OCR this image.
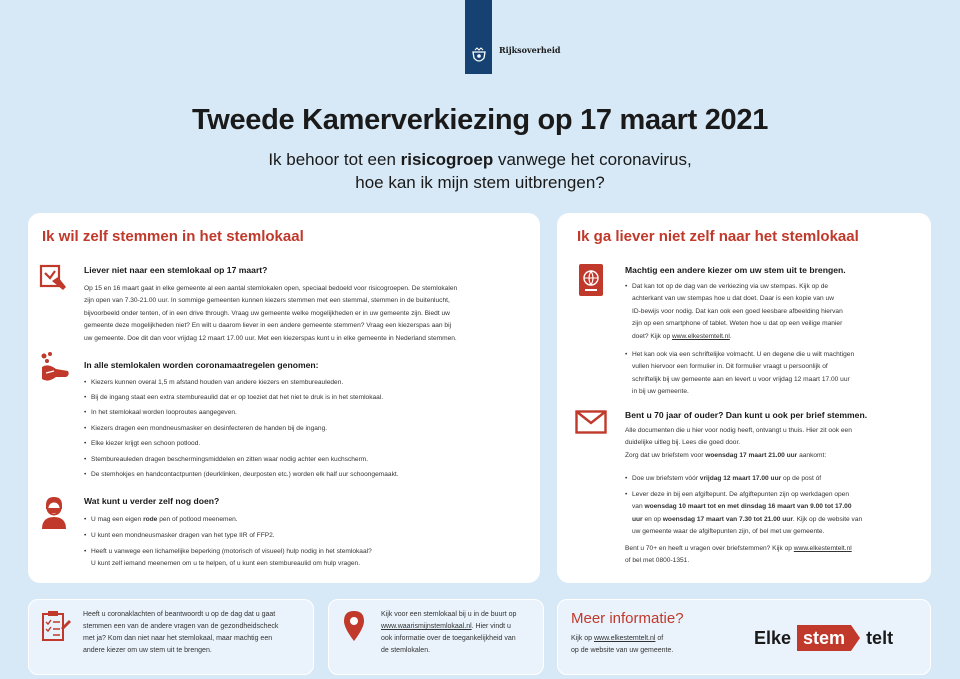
Rijksoverheid
Tweede Kamerverkiezing op 17 maart 2021
Ik behoor tot een risicogroep vanwege het coronavirus,
hoe kan ik mijn stem uitbrengen?
Ik wil zelf stemmen in het stemlokaal
Liever niet naar een stemlokaal op 17 maart?
Op 15 en 16 maart gaat in elke gemeente al een aantal stemlokalen open, speciaal bedoeld voor risicogroepen. De stemlokalen
zijn open van 7.30-21.00 uur. In sommige gemeenten kunnen kiezers stemmen met een stemmal, stemmen in de buitenlucht,
bijvoorbeeld onder tenten, of in een drive through. Vraag uw gemeente welke mogelijkheden er in uw gemeente zijn. Biedt uw
gemeente deze mogelijkheden niet? En wilt u daarom liever in een andere gemeente stemmen? Vraag een kiezerspas aan bij
uw gemeente. Doe dit dan voor vrijdag 12 maart 17.00 uur. Met een kiezerspas kunt u in elke gemeente in Nederland stemmen.
In alle stemlokalen worden coronamaatregelen genomen:
• Kiezers kunnen overal 1,5 m afstand houden van andere kiezers en stembureauleden.
• Bij de ingang staat een extra stembureaulid dat er op toeziet dat het niet te druk is in het stemlokaal.
• In het stemlokaal worden looproutes aangegeven.
• Kiezers dragen een mondneusmasker en desinfecteren de handen bij de ingang.
• Elke kiezer krijgt een schoon potlood.
• Stembureauleden dragen beschermingsmiddelen en zitten waar nodig achter een kuchscherm.
• De stemhokjes en handcontactpunten (deurklinken, deurposten etc.) worden elk half uur schoongemaakt.
Wat kunt u verder zelf nog doen?
• U mag een eigen rode pen of potlood meenemen.
• U kunt een mondneusmasker dragen van het type IIR of FFP2.
• Heeft u vanwege een lichamelijke beperking (motorisch of visueel) hulp nodig in het stemlokaal?
U kunt zelf iemand meenemen om u te helpen, of u kunt een stembureaulid om hulp vragen.
Ik ga liever niet zelf naar het stemlokaal
Machtig een andere kiezer om uw stem uit te brengen.
• Dat kan tot op de dag van de verkiezing via uw stempas. Kijk op de
achterkant van uw stempas hoe u dat doet. Daar is een kopie van uw
ID-bewijs voor nodig. Dat kan ook een goed leesbare afbeelding hiervan
zijn op een smartphone of tablet. Weten hoe u dat op een veilige manier
doet? Kijk op www.elkestemtelt.nl.
• Het kan ook via een schriftelijke volmacht. U en degene die u wilt machtigen
vullen hiervoor een formulier in. Dit formulier vraagt u persoonlijk of
schriftelijk bij uw gemeente aan en levert u voor vrijdag 12 maart 17.00 uur
in bij uw gemeente.
Bent u 70 jaar of ouder? Dan kunt u ook per brief stemmen.
Alle documenten die u hier voor nodig heeft, ontvangt u thuis. Hier zit ook een
duidelijke uitleg bij. Lees die goed door.
Zorg dat uw briefstem voor woensdag 17 maart 21.00 uur aankomt:
• Doe uw briefstem vóór vrijdag 12 maart 17.00 uur op de post óf
• Lever deze in bij een afgiftepunt. De afgiftepunten zijn op werkdagen open
van woensdag 10 maart tot en met dinsdag 16 maart van 9.00 tot 17.00
uur en op woensdag 17 maart van 7.30 tot 21.00 uur. Kijk op de website van
uw gemeente waar de afgiftepunten zijn, of bel met uw gemeente.
Bent u 70+ en heeft u vragen over briefstemmen? Kijk op www.elkestemtelt.nl
of bel met 0800-1351.
Heeft u coronaklachten of beantwoordt u op de dag dat u gaat
stemmen een van de andere vragen van de gezondheidscheck
met ja? Kom dan niet naar het stemlokaal, maar machtig een
andere kiezer om uw stem uit te brengen.
Kijk voor een stemlokaal bij u in de buurt op
www.waarismijnstemlokaal.nl. Hier vindt u
ook informatie over de toegankelijkheid van
de stemlokalen.
Meer informatie?
Kijk op www.elkestemtelt.nl of
op de website van uw gemeente.
Elke stem	telt
